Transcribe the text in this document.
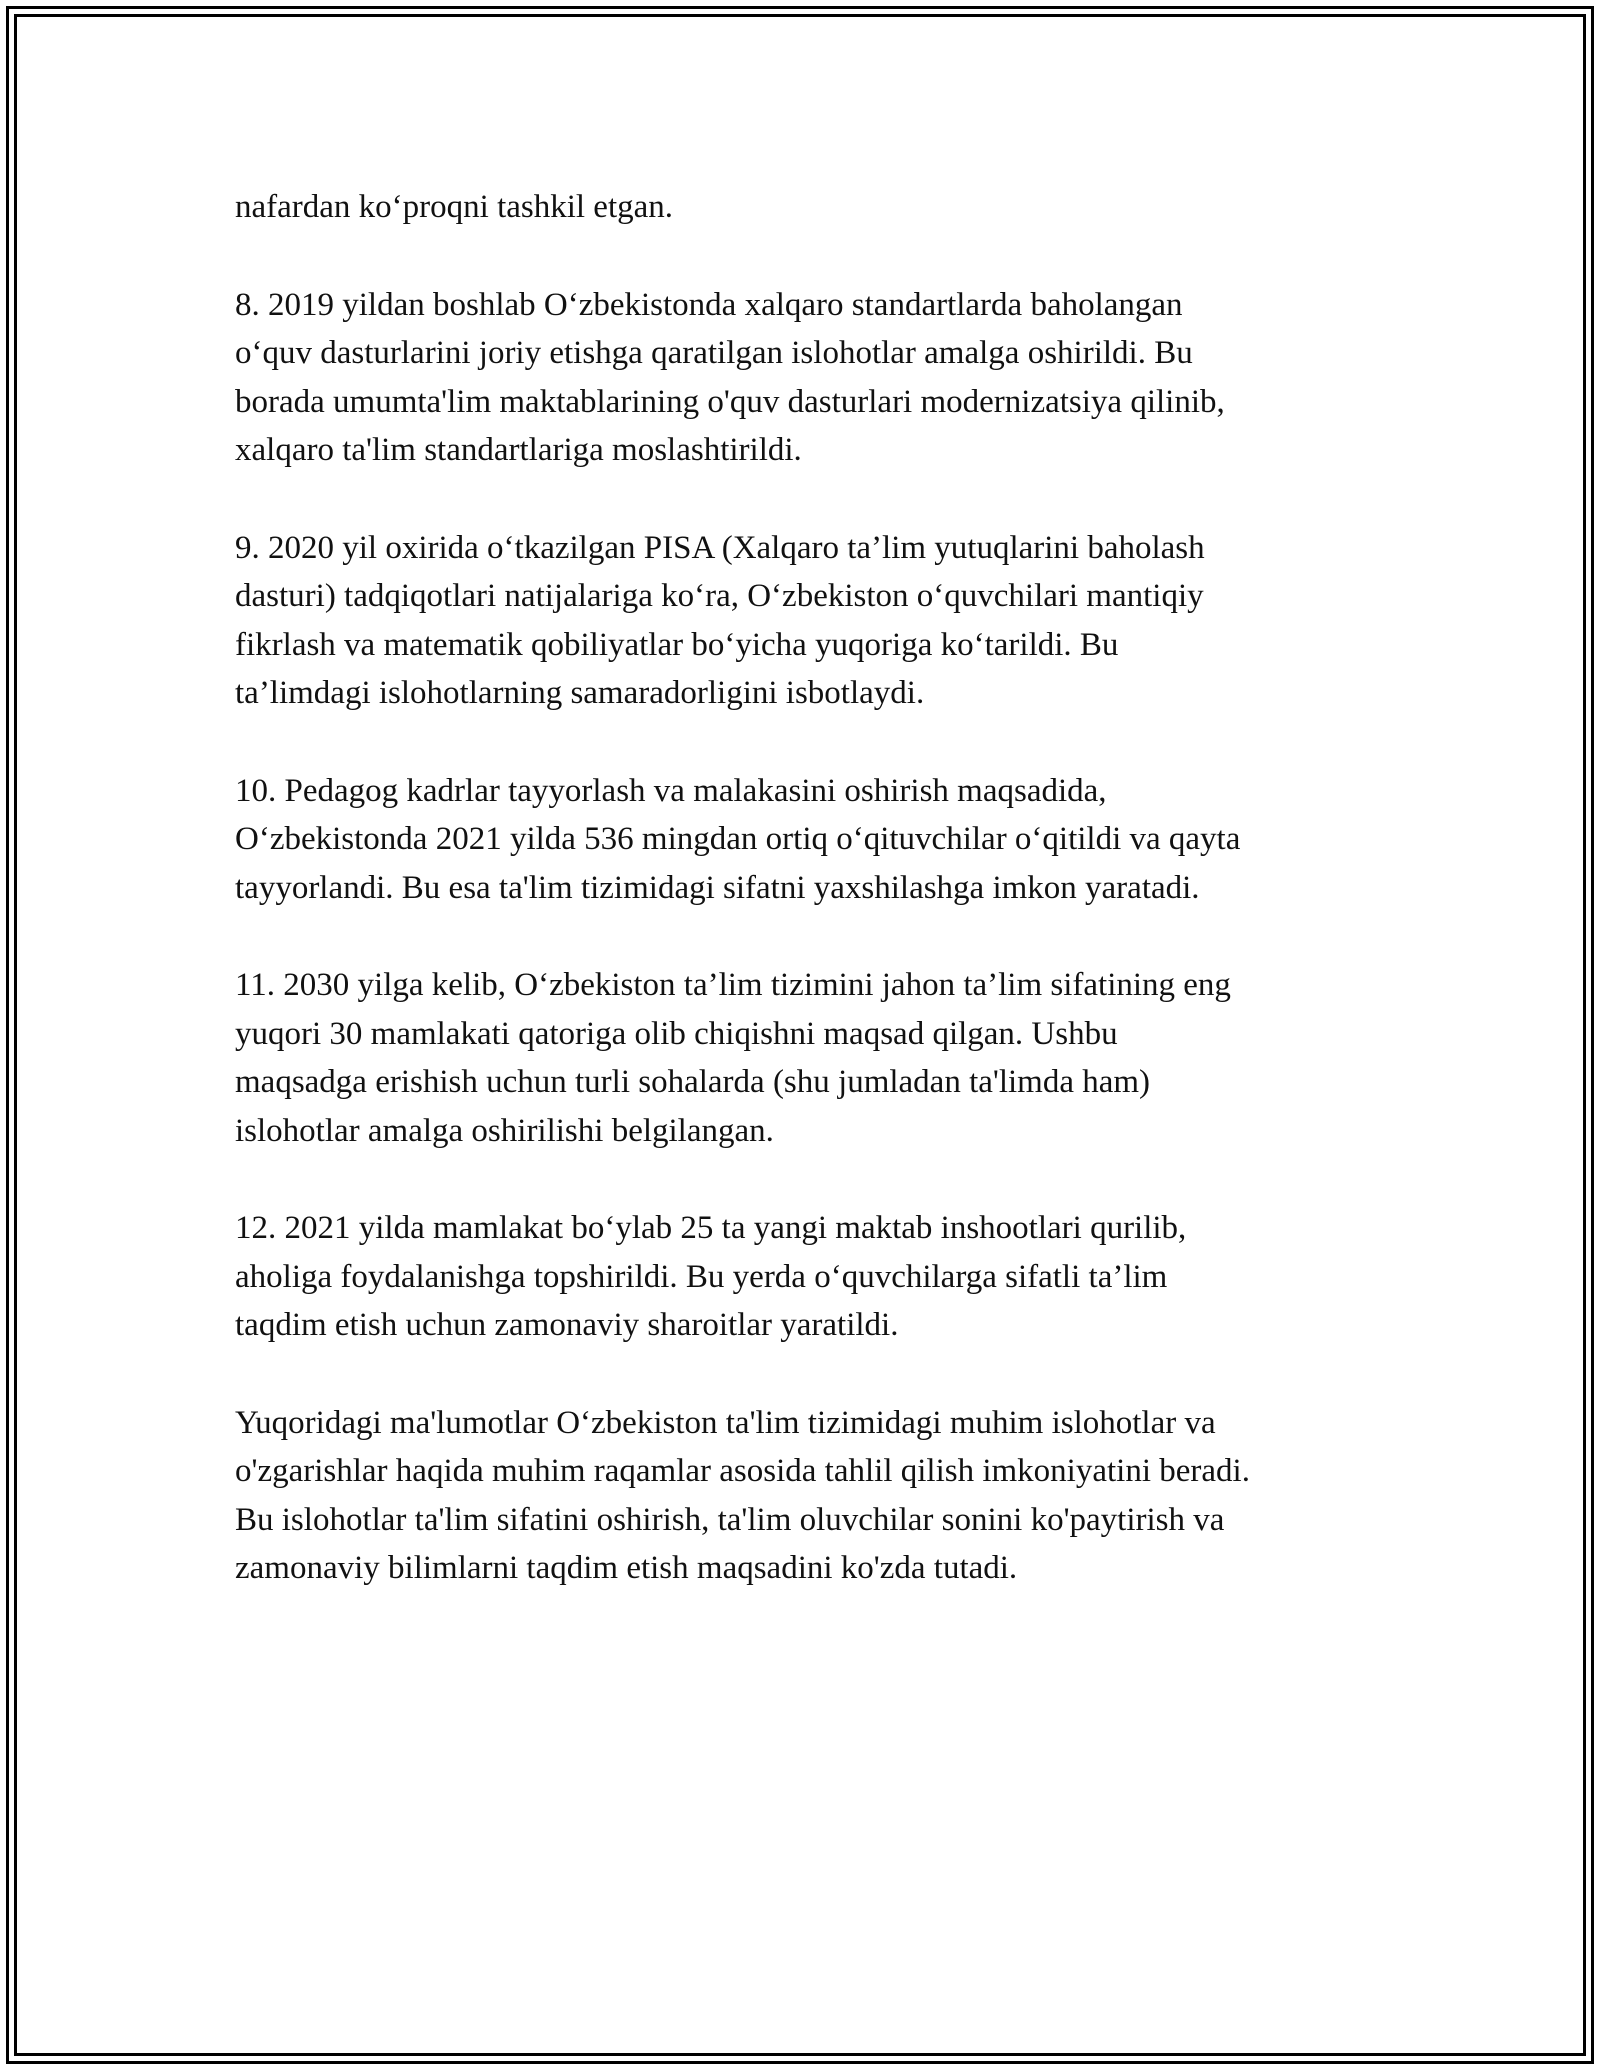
nafardan koʻproqni tashkil etgan.

8. 2019 yildan boshlab Oʻzbekistonda xalqaro standartlarda baholangan
oʻquv dasturlarini joriy etishga qaratilgan islohotlar amalga oshirildi. Bu
borada umumta'lim maktablarining o'quv dasturlari modernizatsiya qilinib,
xalqaro ta'lim standartlariga moslashtirildi.

9. 2020 yil oxirida oʻtkazilgan PISA (Xalqaro ta’lim yutuqlarini baholash
dasturi) tadqiqotlari natijalariga koʻra, Oʻzbekiston oʻquvchilari mantiqiy
fikrlash va matematik qobiliyatlar boʻyicha yuqoriga koʻtarildi. Bu
ta’limdagi islohotlarning samaradorligini isbotlaydi.

10. Pedagog kadrlar tayyorlash va malakasini oshirish maqsadida,
Oʻzbekistonda 2021 yilda 536 mingdan ortiq oʻqituvchilar oʻqitildi va qayta
tayyorlandi. Bu esa ta'lim tizimidagi sifatni yaxshilashga imkon yaratadi.

11. 2030 yilga kelib, Oʻzbekiston ta’lim tizimini jahon ta’lim sifatining eng
yuqori 30 mamlakati qatoriga olib chiqishni maqsad qilgan. Ushbu
maqsadga erishish uchun turli sohalarda (shu jumladan ta'limda ham)
islohotlar amalga oshirilishi belgilangan.

12. 2021 yilda mamlakat boʻylab 25 ta yangi maktab inshootlari qurilib,
aholiga foydalanishga topshirildi. Bu yerda oʻquvchilarga sifatli ta’lim
taqdim etish uchun zamonaviy sharoitlar yaratildi.

Yuqoridagi ma'lumotlar Oʻzbekiston ta'lim tizimidagi muhim islohotlar va
o'zgarishlar haqida muhim raqamlar asosida tahlil qilish imkoniyatini beradi.
Bu islohotlar ta'lim sifatini oshirish, ta'lim oluvchilar sonini ko'paytirish va
zamonaviy bilimlarni taqdim etish maqsadini ko'zda tutadi.
